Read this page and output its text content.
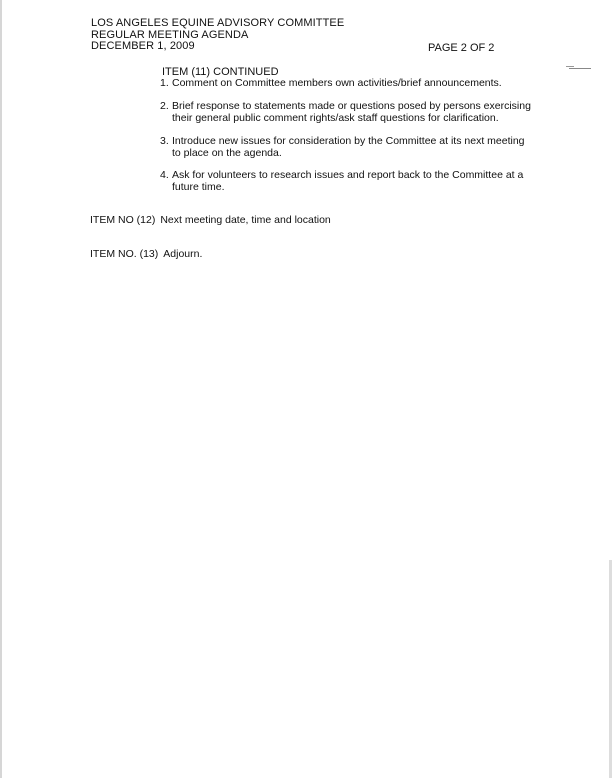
LOS ANGELES EQUINE ADVISORY COMMITTEE
REGULAR MEETING AGENDA
DECEMBER 1, 2009	PAGE 2 OF 2
ITEM (11) CONTINUED
1. Comment on Committee members own activities/brief announcements.
2. Brief response to statements made or questions posed by persons exercising
their general public comment rights/ask staff questions for clarification.
3. Introduce new issues for consideration by the Committee at its next meeting
to place on the agenda.
4. Ask for volunteers to research issues and report back to the Committee at a
future time.
ITEM NO (12) Next meeting date, time and location
ITEM NO. (13) Adjourn.
